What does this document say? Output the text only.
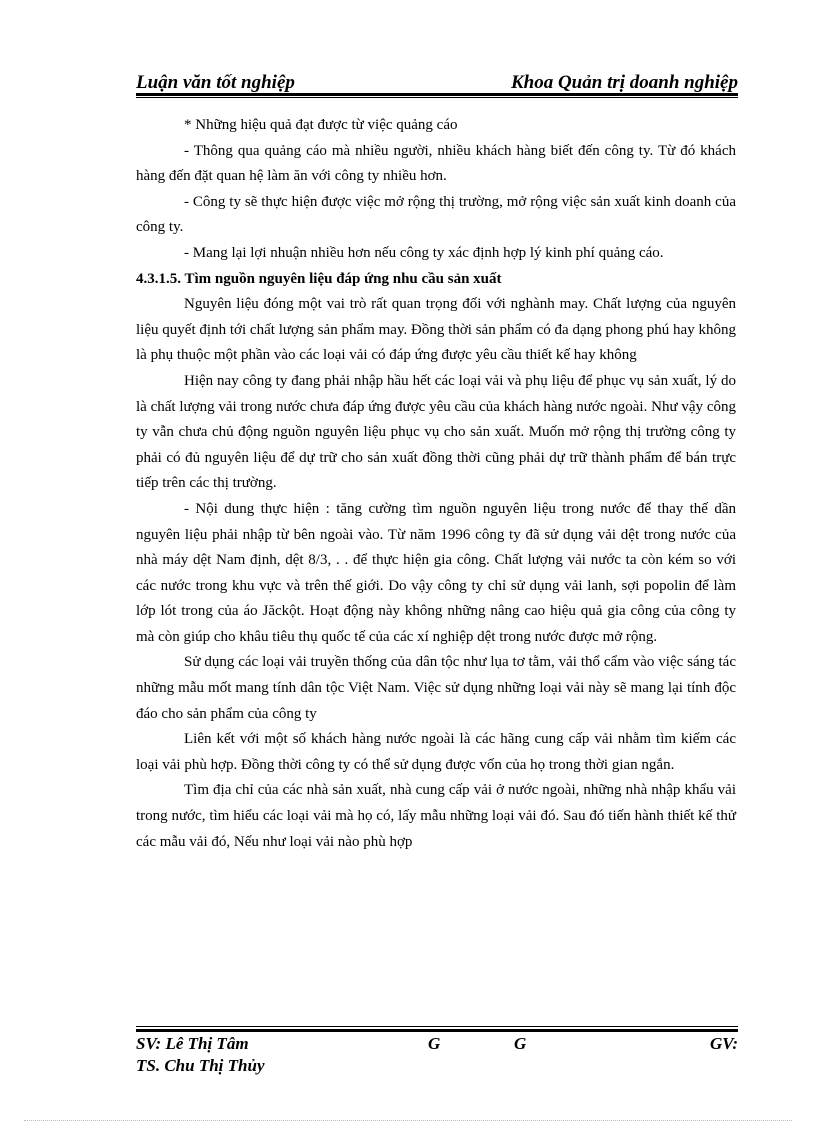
Luận văn tốt nghiệp	Khoa Quản trị doanh nghiệp

* Những hiệu quả đạt được từ việc quảng cáo

- Thông qua quảng cáo mà nhiều người, nhiều khách hàng biết đến công ty. Từ đó khách hàng đến đặt quan hệ làm ăn với công ty nhiều hơn.

- Công ty sẽ thực hiện được việc mở rộng thị trường, mở rộng việc sản xuất kinh doanh của công ty.

- Mang lại lợi nhuận nhiều hơn nếu công ty xác định hợp lý kinh phí quảng cáo.

4.3.1.5. Tìm nguồn nguyên liệu đáp ứng nhu cầu sản xuất

Nguyên liệu đóng một vai trò rất quan trọng đối với nghành may. Chất lượng của nguyên liệu quyết định tới chất lượng sản phẩm may. Đồng thời sản phẩm có đa dạng phong phú hay không là phụ thuộc một phần vào các loại vải có đáp ứng được yêu cầu thiết kế hay không

Hiện nay công ty đang phải nhập hầu hết các loại vải và phụ liệu để phục vụ sản xuất, lý do là chất lượng vải trong nước chưa đáp ứng được yêu cầu của khách hàng nước ngoài. Như vậy công ty vẫn chưa chủ động nguồn nguyên liệu phục vụ cho sản xuất. Muốn mở rộng thị trường công ty phải có đủ nguyên liệu để dự trữ cho sản xuất đồng thời cũng phải dự trữ thành phẩm để bán trực tiếp trên các thị trường.

- Nội dung thực hiện : tăng cường tìm nguồn nguyên liệu trong nước để thay thế dần nguyên liệu phải nhập từ bên ngoài vào. Từ năm 1996 công ty đã sử dụng vải dệt trong nước của nhà máy dệt Nam định, dệt 8/3, . . để thực hiện gia công. Chất lượng vải nước ta còn kém so với các nước trong khu vực và trên thế giới. Do vậy công ty chỉ sử dụng vải lanh, sợi popolin để làm lớp lót trong của áo Jăckột. Hoạt động này không những nâng cao hiệu quả gia công của công ty mà còn giúp cho khâu tiêu thụ quốc tế của các xí nghiệp dệt trong nước được mở rộng.

Sử dụng các loại vải truyền thống của dân tộc như lụa tơ tằm, vải thổ cẩm vào việc sáng tác những mẫu mốt mang tính dân tộc Việt Nam. Việc sử dụng những loại vải này sẽ mang lại tính độc đáo cho sản phẩm của công ty

Liên kết với một số khách hàng nước ngoài là các hãng cung cấp vải nhằm tìm kiếm các loại vải phù hợp. Đồng thời công ty có thể sử dụng được vốn của họ trong thời gian ngắn.

Tìm địa chỉ của các nhà sản xuất, nhà cung cấp vải ở nước ngoài, những nhà nhập khẩu vải trong nước, tìm hiểu các loại vải mà họ có, lấy mẫu những loại vải đó. Sau đó tiến hành thiết kế thử các mẫu vải đó, Nếu như loại vải nào phù hợp

SV: Lê Thị Tâm	G	G	GV:
TS. Chu Thị Thủy
